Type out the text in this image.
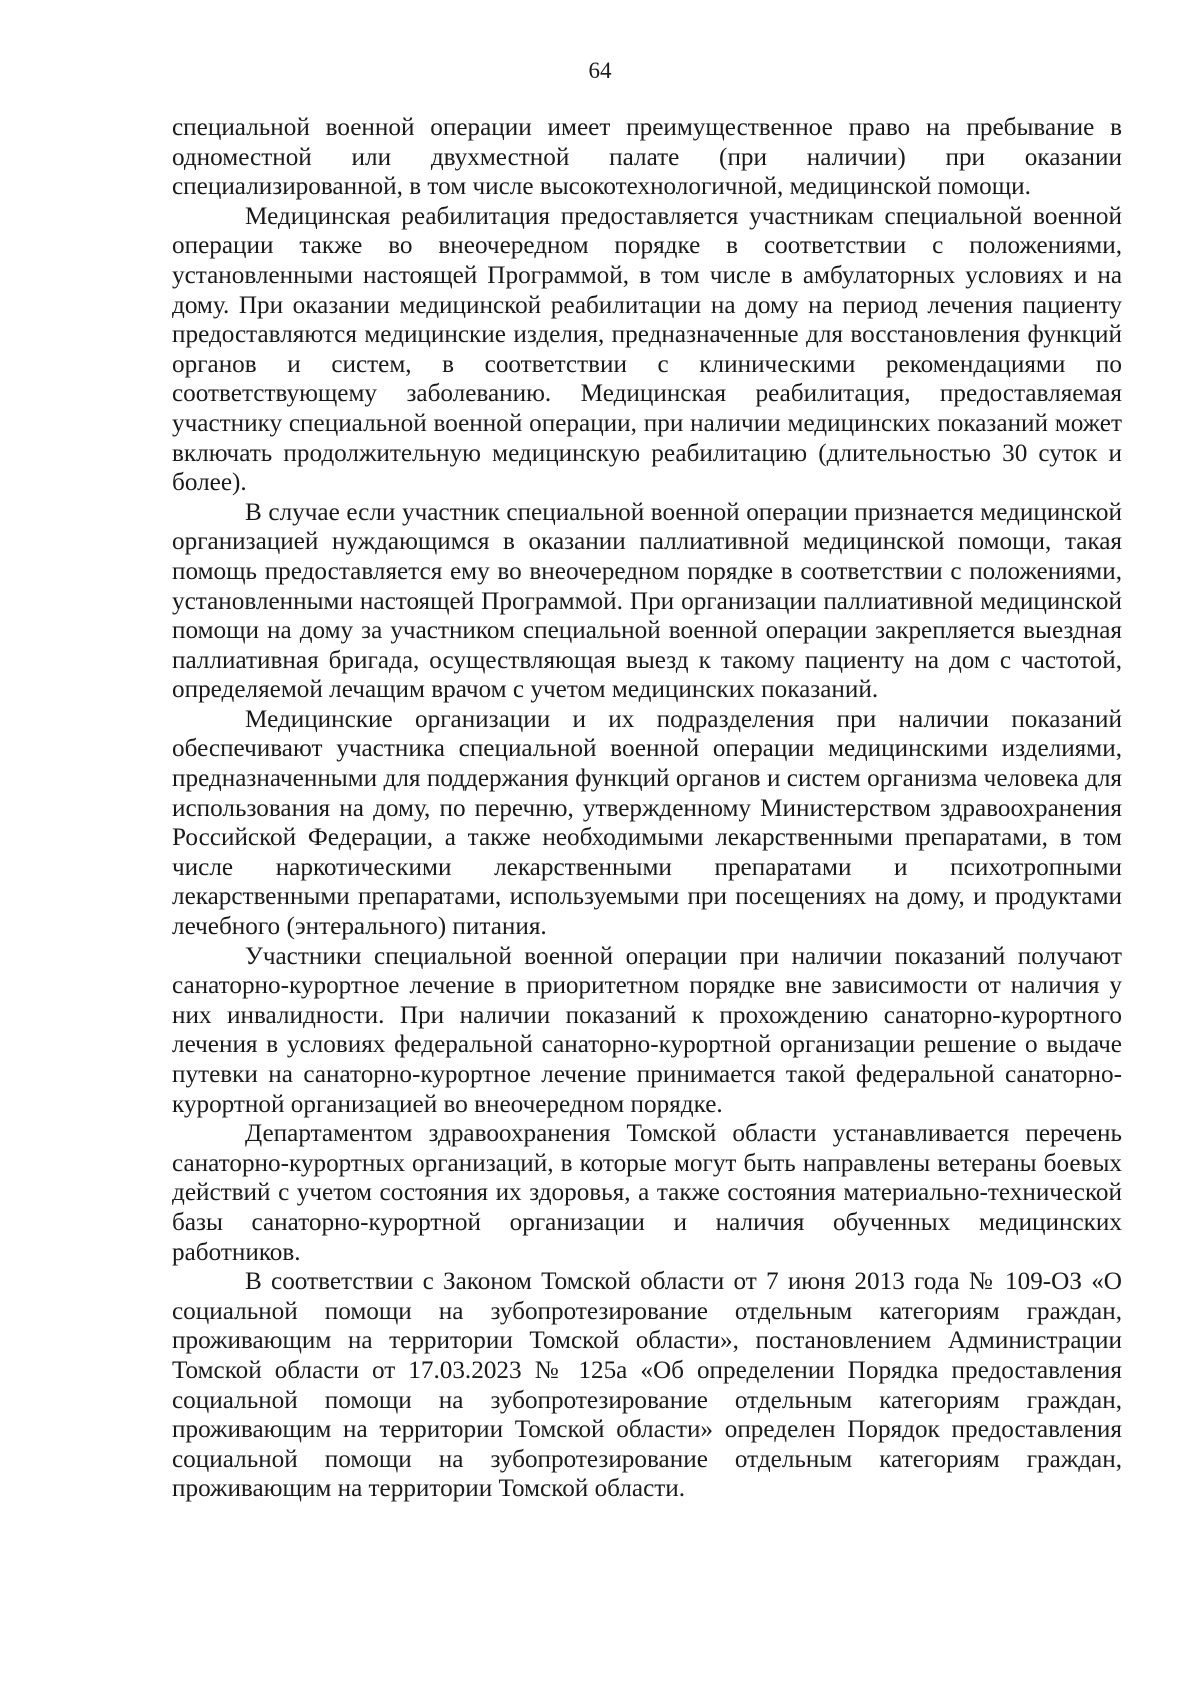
64

специальной военной операции имеет преимущественное право на пребывание в одноместной или двухместной палате (при наличии) при оказании специализированной, в том числе высокотехнологичной, медицинской помощи.

Медицинская реабилитация предоставляется участникам специальной военной операции также во внеочередном порядке в соответствии с положениями, установленными настоящей Программой, в том числе в амбулаторных условиях и на дому. При оказании медицинской реабилитации на дому на период лечения пациенту предоставляются медицинские изделия, предназначенные для восстановления функций органов и систем, в соответствии с клиническими рекомендациями по соответствующему заболеванию. Медицинская реабилитация, предоставляемая участнику специальной военной операции, при наличии медицинских показаний может включать продолжительную медицинскую реабилитацию (длительностью 30 суток и более).

В случае если участник специальной военной операции признается медицинской организацией нуждающимся в оказании паллиативной медицинской помощи, такая помощь предоставляется ему во внеочередном порядке в соответствии с положениями, установленными настоящей Программой. При организации паллиативной медицинской помощи на дому за участником специальной военной операции закрепляется выездная паллиативная бригада, осуществляющая выезд к такому пациенту на дом с частотой, определяемой лечащим врачом с учетом медицинских показаний.

Медицинские организации и их подразделения при наличии показаний обеспечивают участника специальной военной операции медицинскими изделиями, предназначенными для поддержания функций органов и систем организма человека для использования на дому, по перечню, утвержденному Министерством здравоохранения Российской Федерации, а также необходимыми лекарственными препаратами, в том числе наркотическими лекарственными препаратами и психотропными лекарственными препаратами, используемыми при посещениях на дому, и продуктами лечебного (энтерального) питания.

Участники специальной военной операции при наличии показаний получают санаторно-курортное лечение в приоритетном порядке вне зависимости от наличия у них инвалидности. При наличии показаний к прохождению санаторно-курортного лечения в условиях федеральной санаторно-курортной организации решение о выдаче путевки на санаторно-курортное лечение принимается такой федеральной санаторно-курортной организацией во внеочередном порядке.

Департаментом здравоохранения Томской области устанавливается перечень санаторно-курортных организаций, в которые могут быть направлены ветераны боевых действий с учетом состояния их здоровья, а также состояния материально-технической базы санаторно-курортной организации и наличия обученных медицинских работников.

В соответствии с Законом Томской области от 7 июня 2013 года № 109-ОЗ «О социальной помощи на зубопротезирование отдельным категориям граждан, проживающим на территории Томской области», постановлением Администрации Томской области от 17.03.2023 № 125а «Об определении Порядка предоставления социальной помощи на зубопротезирование отдельным категориям граждан, проживающим на территории Томской области» определен Порядок предоставления социальной помощи на зубопротезирование отдельным категориям граждан, проживающим на территории Томской области.
